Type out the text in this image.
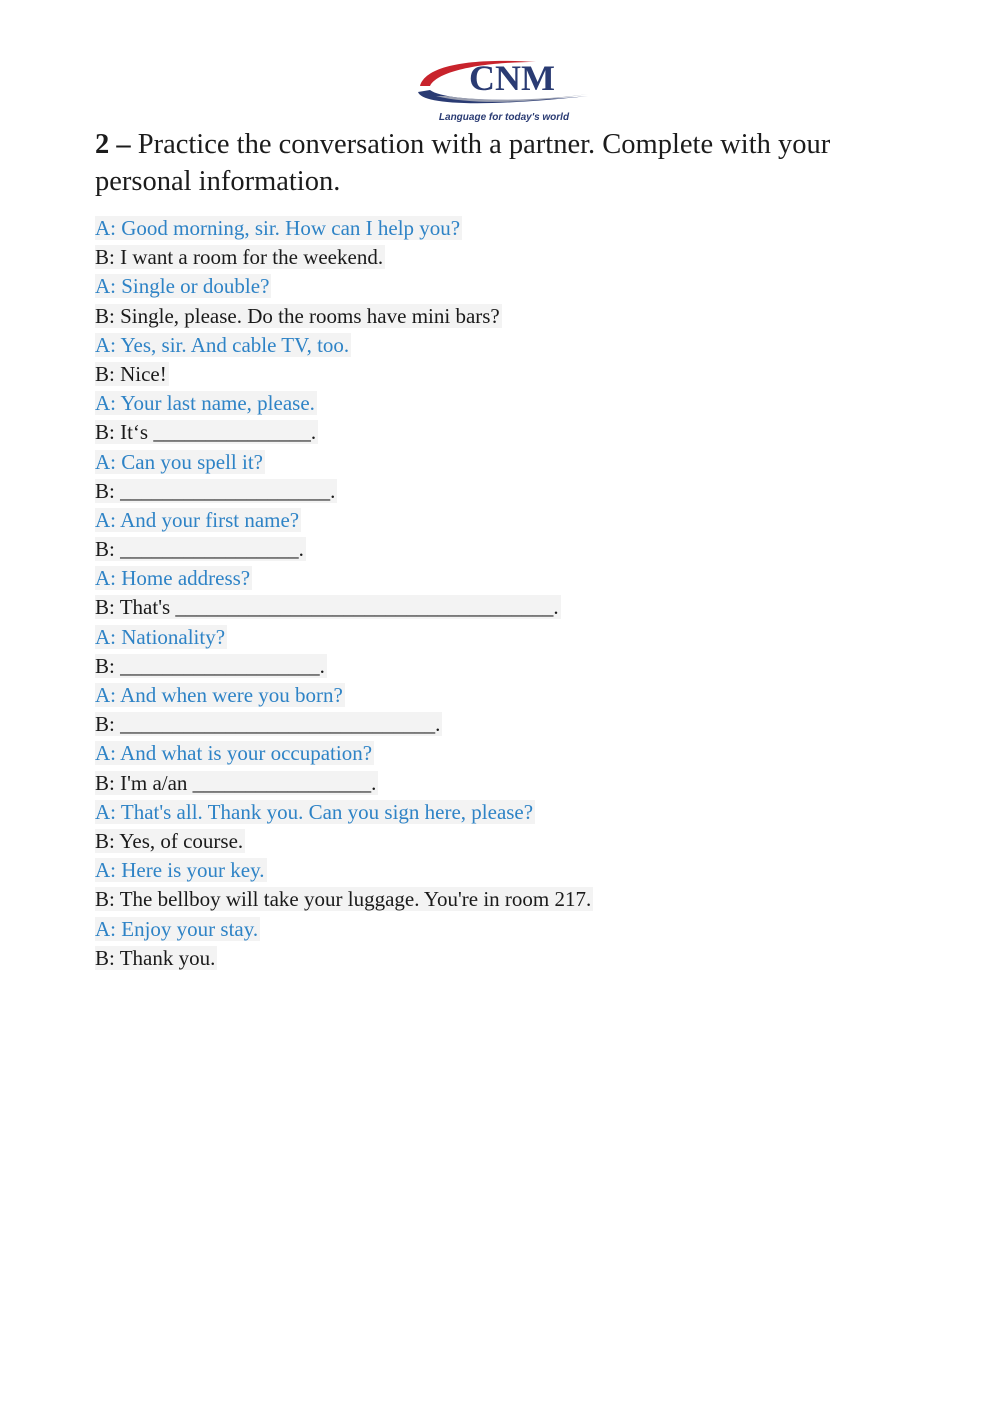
CNM
Language for today's world
2 – Practice the conversation with a partner. Complete with your personal information.
A: Good morning, sir. How can I help you?
B: I want a room for the weekend.
A: Single or double?
B: Single, please. Do the rooms have mini bars?
A: Yes, sir. And cable TV, too.
B: Nice!
A: Your last name, please.
B: It‘s _______________.
A: Can you spell it?
B: ____________________.
A: And your first name?
B: _________________.
A: Home address?
B: That's ____________________________________.
A: Nationality?
B: ___________________.
A: And when were you born?
B: ______________________________.
A: And what is your occupation?
B: I'm a/an _________________.
A: That's all. Thank you. Can you sign here, please?
B: Yes, of course.
A: Here is your key.
B: The bellboy will take your luggage. You're in room 217.
A: Enjoy your stay.
B: Thank you.
